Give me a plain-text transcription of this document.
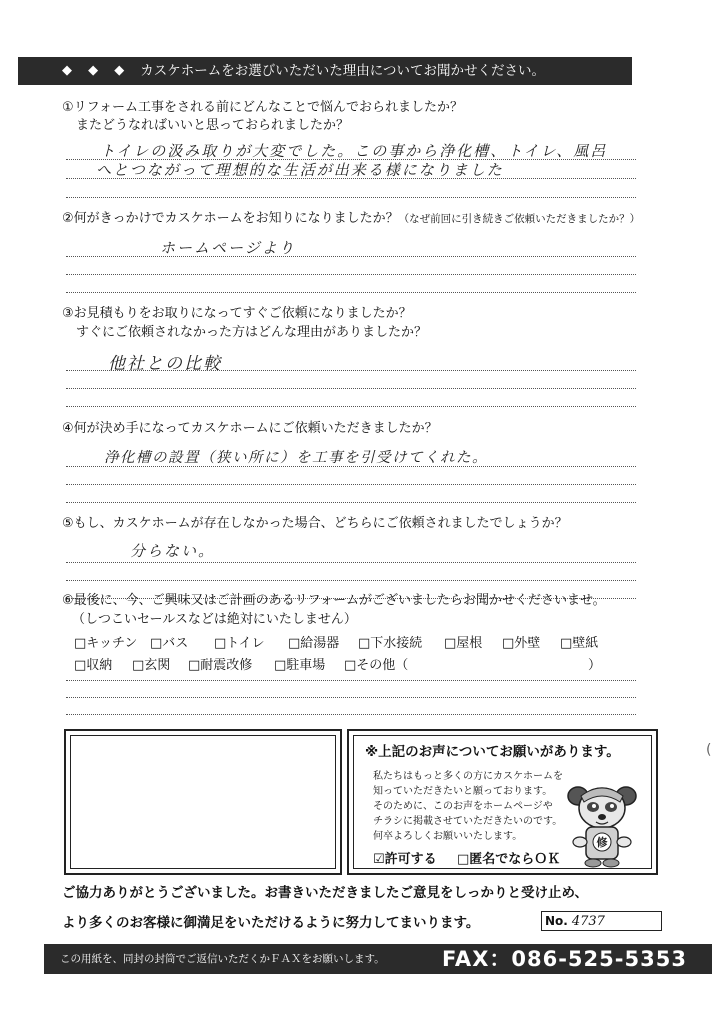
◆ ◆ ◆ カスケホームをお選びいただいた理由についてお聞かせください。
①リフォーム工事をされる前にどんなことで悩んでおられましたか？
またどうなればいいと思っておられましたか？
トイレの汲み取りが大変でした。この事から浄化槽、トイレ、風呂
へとつながって理想的な生活が出来る様になりました
②何がきっかけでカスケホームをお知りになりましたか？（なぜ前回に引き続きご依頼いただきましたか？）
ホームページより
③お見積もりをお取りになってすぐご依頼になりましたか？
すぐにご依頼されなかった方はどんな理由がありましたか？
他社との比較
④何が決め手になってカスケホームにご依頼いただきましたか？
浄化槽の設置（狭い所に）を工事を引受けてくれた。
⑤もし、カスケホームが存在しなかった場合、どちらにご依頼されましたでしょうか？
分らない。
⑥最後に、今、ご興味又はご計画のあるリフォームがございましたらお聞かせくださいませ。
（しつこいセールスなどは絶対にいたしません）
□キッチン □バス □トイレ □給湯器 □下水接続 □屋根 □外壁 □壁紙
□収納 □玄関 □耐震改修 □駐車場 □その他（	）
※上記のお声についてお願いがあります。
私たちはもっと多くの方にカスケホームを
知っていただきたいと願っております。
そのために、このお声をホームページや
チラシに掲載させていただきたいのです。
何卒よろしくお願いいたします。
☑許可する □匿名でならＯＫ
修
ご協力ありがとうございました。お書きいただきましたご意見をしっかりと受け止め、
より多くのお客様に御満足をいただけるように努力してまいります。	No. 4737
この用紙を、同封の封筒でご返信いただくかＦＡＸをお願いします。	FAX：086-525-5353
(
